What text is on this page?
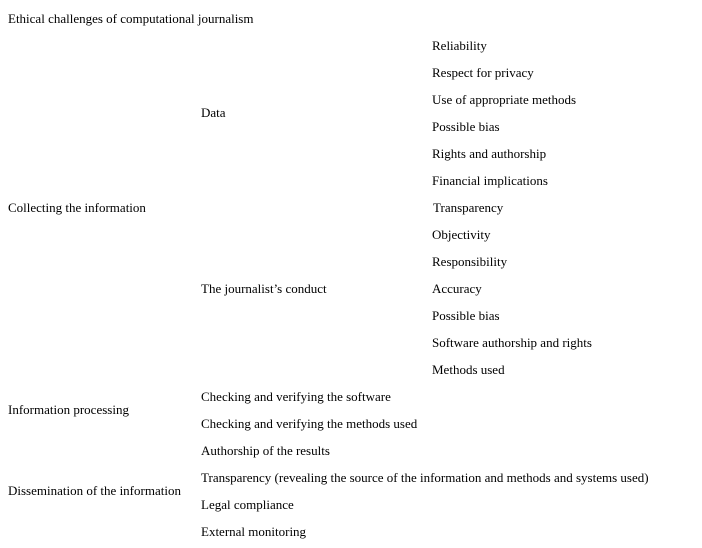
Ethical challenges of computational journalism
Collecting the information
Data
Reliability
Respect for privacy
Use of appropriate methods
Possible bias
Rights and authorship
Financial implications
The journalist’s conduct
Transparency
Objectivity
Responsibility
Accuracy
Possible bias
Software authorship and rights
Methods used
Information processing
Checking and verifying the software
Checking and verifying the methods used
Authorship of the results
Dissemination of the information
Transparency (revealing the source of the information and methods and systems used)
Legal compliance
External monitoring
